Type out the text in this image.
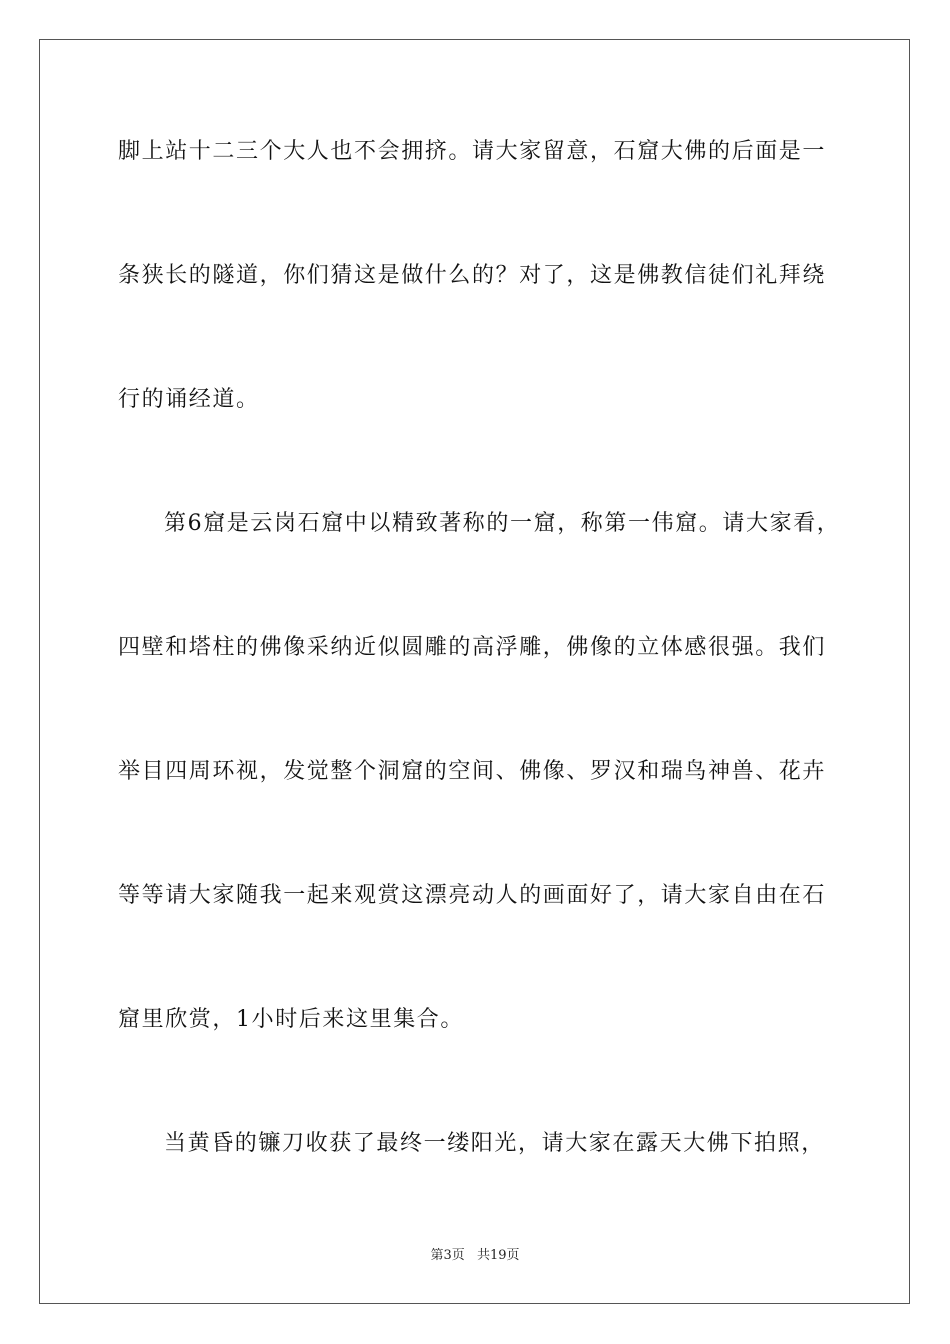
脚上站十二三个大人也不会拥挤。请大家留意，石窟大佛的后面是一
条狭长的隧道，你们猜这是做什么的？对了，这是佛教信徒们礼拜绕
行的诵经道。
第6窟是云岗石窟中以精致著称的一窟，称第一伟窟。请大家看，
四壁和塔柱的佛像采纳近似圆雕的高浮雕，佛像的立体感很强。我们
举目四周环视，发觉整个洞窟的空间、佛像、罗汉和瑞鸟神兽、花卉
等等请大家随我一起来观赏这漂亮动人的画面好了，请大家自由在石
窟里欣赏，1小时后来这里集合。
当黄昏的镰刀收获了最终一缕阳光，请大家在露天大佛下拍照，
第3页 共19页
